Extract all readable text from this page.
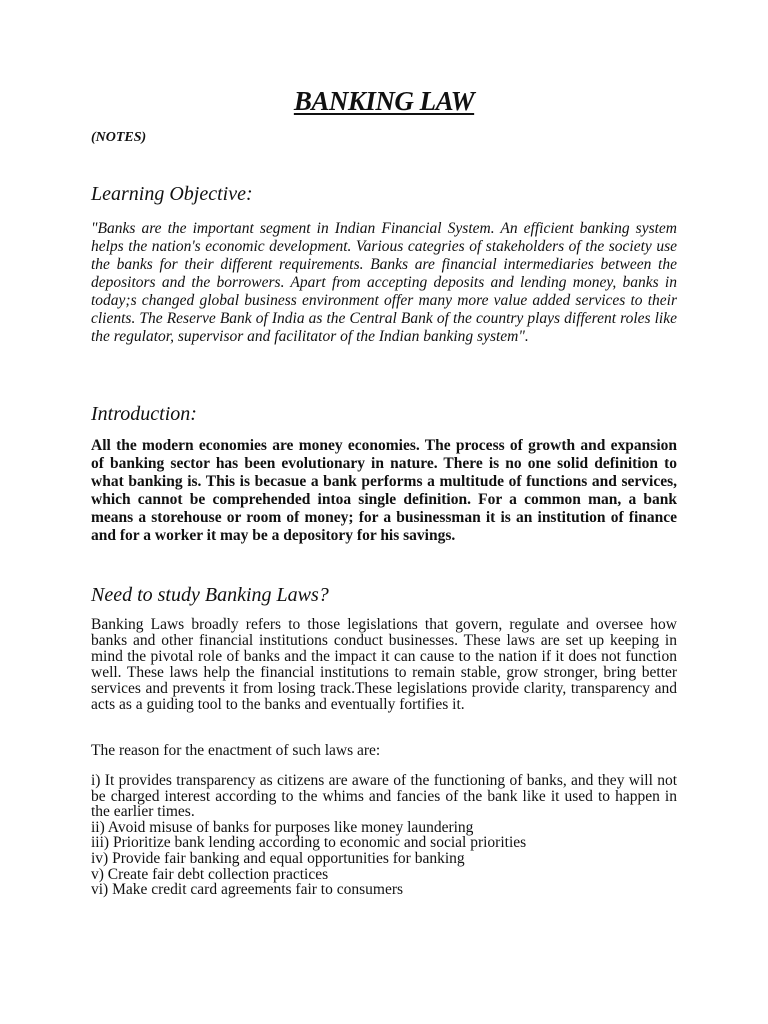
BANKING LAW
(NOTES)
Learning Objective:

"Banks are the important segment in Indian Financial System. An efficient banking system helps the nation's economic development. Various categries of stakeholders of the society use the banks for their different requirements. Banks are financial intermediaries between the depositors and the borrowers. Apart from accepting deposits and lending money, banks in today;s changed global business environment offer many more value added services to their clients. The Reserve Bank of India as the Central Bank of the country plays different roles like the regulator, supervisor and facilitator of the Indian banking system".

Introduction:

All the modern economies are money economies. The process of growth and expansion of banking sector has been evolutionary in nature. There is no one solid definition to what banking is. This is becasue a bank performs a multitude of functions and services, which cannot be comprehended intoa single definition. For a common man, a bank means a storehouse or room of money; for a businessman it is an institution of finance and for a worker it may be a depository for his savings.

Need to study Banking Laws?

Banking Laws broadly refers to those legislations that govern, regulate and oversee how banks and other financial institutions conduct businesses. These laws are set up keeping in mind the pivotal role of banks and the impact it can cause to the nation if it does not function well. These laws help the financial institutions to remain stable, grow stronger, bring better services and prevents it from losing track.These legislations provide clarity, transparency and acts as a guiding tool to the banks and eventually fortifies it.

The reason for the enactment of such laws are:

i) It provides transparency as citizens are aware of the functioning of banks, and they will not be charged interest according to the whims and fancies of the bank like it used to happen in the earlier times.
ii) Avoid misuse of banks for purposes like money laundering
iii) Prioritize bank lending according to economic and social priorities
iv) Provide fair banking and equal opportunities for banking
v) Create fair debt collection practices
vi) Make credit card agreements fair to consumers
